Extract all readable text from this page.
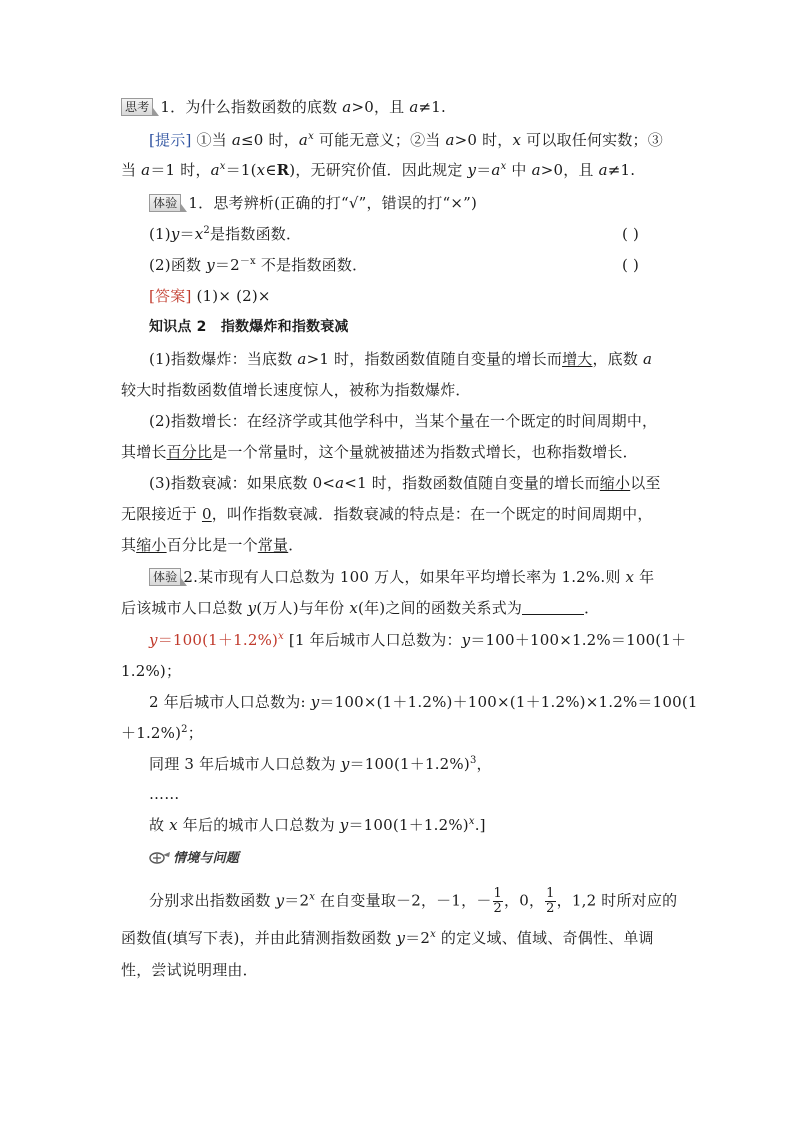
思考 1．为什么指数函数的底数 a>0，且 a≠1.
[提示] ①当 a≤0 时，$a^x$ 可能无意义；②当 a>0 时，x 可以取任何实数；③
当 a＝1 时，$a^x=1(x\in R)$，无研究价值．因此规定 $y=a^x$ 中 a>0，且 a≠1.
体验 1．思考辨析(正确的打“√”，错误的打“×”)
$(1)y=x^2$是指数函数．	( )
(2)函数 $y=2^{-x}$ 不是指数函数．	( )
[答案] (1)× (2)×
知识点 2　指数爆炸和指数衰减
(1)指数爆炸：当底数 a>1 时，指数函数值随自变量的增长而增大，底数 a
较大时指数函数值增长速度惊人，被称为指数爆炸．
(2)指数增长：在经济学或其他学科中，当某个量在一个既定的时间周期中，
其增长百分比是一个常量时，这个量就被描述为指数式增长，也称指数增长．
(3)指数衰减：如果底数 0<a<1 时，指数函数值随自变量的增长而缩小以至
无限接近于 0，叫作指数衰减．指数衰减的特点是：在一个既定的时间周期中，
其缩小百分比是一个常量．
体验 2.某市现有人口总数为 100 万人，如果年平均增长率为 1.2%.则 x 年
后该城市人口总数 y(万人)与年份 x(年)之间的函数关系式为	．
$y=100(1+1.2\%)^x$ [1 年后城市人口总数为：y＝100＋100×1.2%＝100(1＋
1.2%)；
2 年后城市人口总数为: y＝100×(1＋1.2%)＋100×(1＋1.2%)×1.2%＝100(1
＋1.2%)$^2$；
同理 3 年后城市人口总数为 $y=100(1+1.2\%)^3$，
……
故 x 年后的城市人口总数为 $y=100(1+1.2\%)^x$.]
情境与问题
分别求出指数函数 $y=2^x$ 在自变量取－2，－1，－ $\frac{1}{2}$ ，0， $\frac{1}{2}$ ，1,2 时所对应的
函数值(填写下表)，并由此猜测指数函数 $y=2^x$ 的定义域、值域、奇偶性、单调
性，尝试说明理由．
